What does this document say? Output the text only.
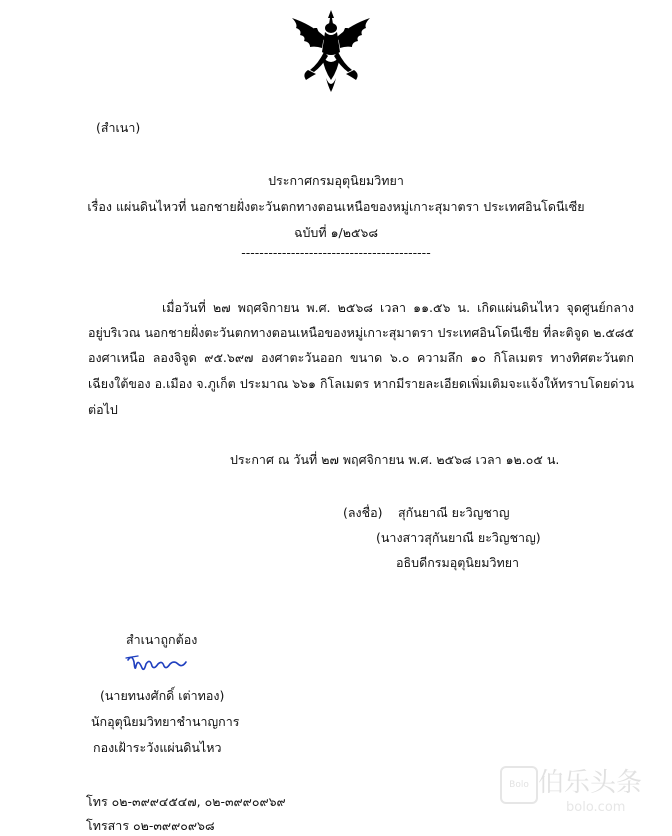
(สำเนา)
ประกาศกรมอุตุนิยมวิทยา
เรื่อง แผ่นดินไหวที่ นอกชายฝั่งตะวันตกทางตอนเหนือของหมู่เกาะสุมาตรา ประเทศอินโดนีเซีย
ฉบับที่ ๑/๒๕๖๘
------------------------------------------
เมื่อวันที่ ๒๗ พฤศจิกายน พ.ศ. ๒๕๖๘ เวลา ๑๑.๕๖ น. เกิดแผ่นดินไหว จุดศูนย์กลาง
อยู่บริเวณ นอกชายฝั่งตะวันตกทางตอนเหนือของหมู่เกาะสุมาตรา ประเทศอินโดนีเซีย ที่ละติจูด ๒.๕๘๕
องศาเหนือ ลองจิจูด ๙๕.๖๙๗ องศาตะวันออก ขนาด ๖.๐ ความลึก ๑๐ กิโลเมตร ทางทิศตะวันตก
เฉียงใต้ของ อ.เมือง จ.ภูเก็ต ประมาณ ๖๖๑ กิโลเมตร หากมีรายละเอียดเพิ่มเติมจะแจ้งให้ทราบโดยด่วน
ต่อไป
ประกาศ ณ วันที่ ๒๗ พฤศจิกายน พ.ศ. ๒๕๖๘ เวลา ๑๒.๐๕ น.
(ลงชื่อ) สุกันยาณี ยะวิญชาญ
(นางสาวสุกันยาณี ยะวิญชาญ)
อธิบดีกรมอุตุนิยมวิทยา
สำเนาถูกต้อง
(นายทนงศักดิ์ เต่าทอง)
นักอุตุนิยมวิทยาชำนาญการ
กองเฝ้าระวังแผ่นดินไหว
โทร ๐๒-๓๙๙๔๕๔๗, ๐๒-๓๙๙๐๙๖๙
โทรสาร ๐๒-๓๙๙๐๙๖๘
Bolo 伯乐头条
bolo.com
